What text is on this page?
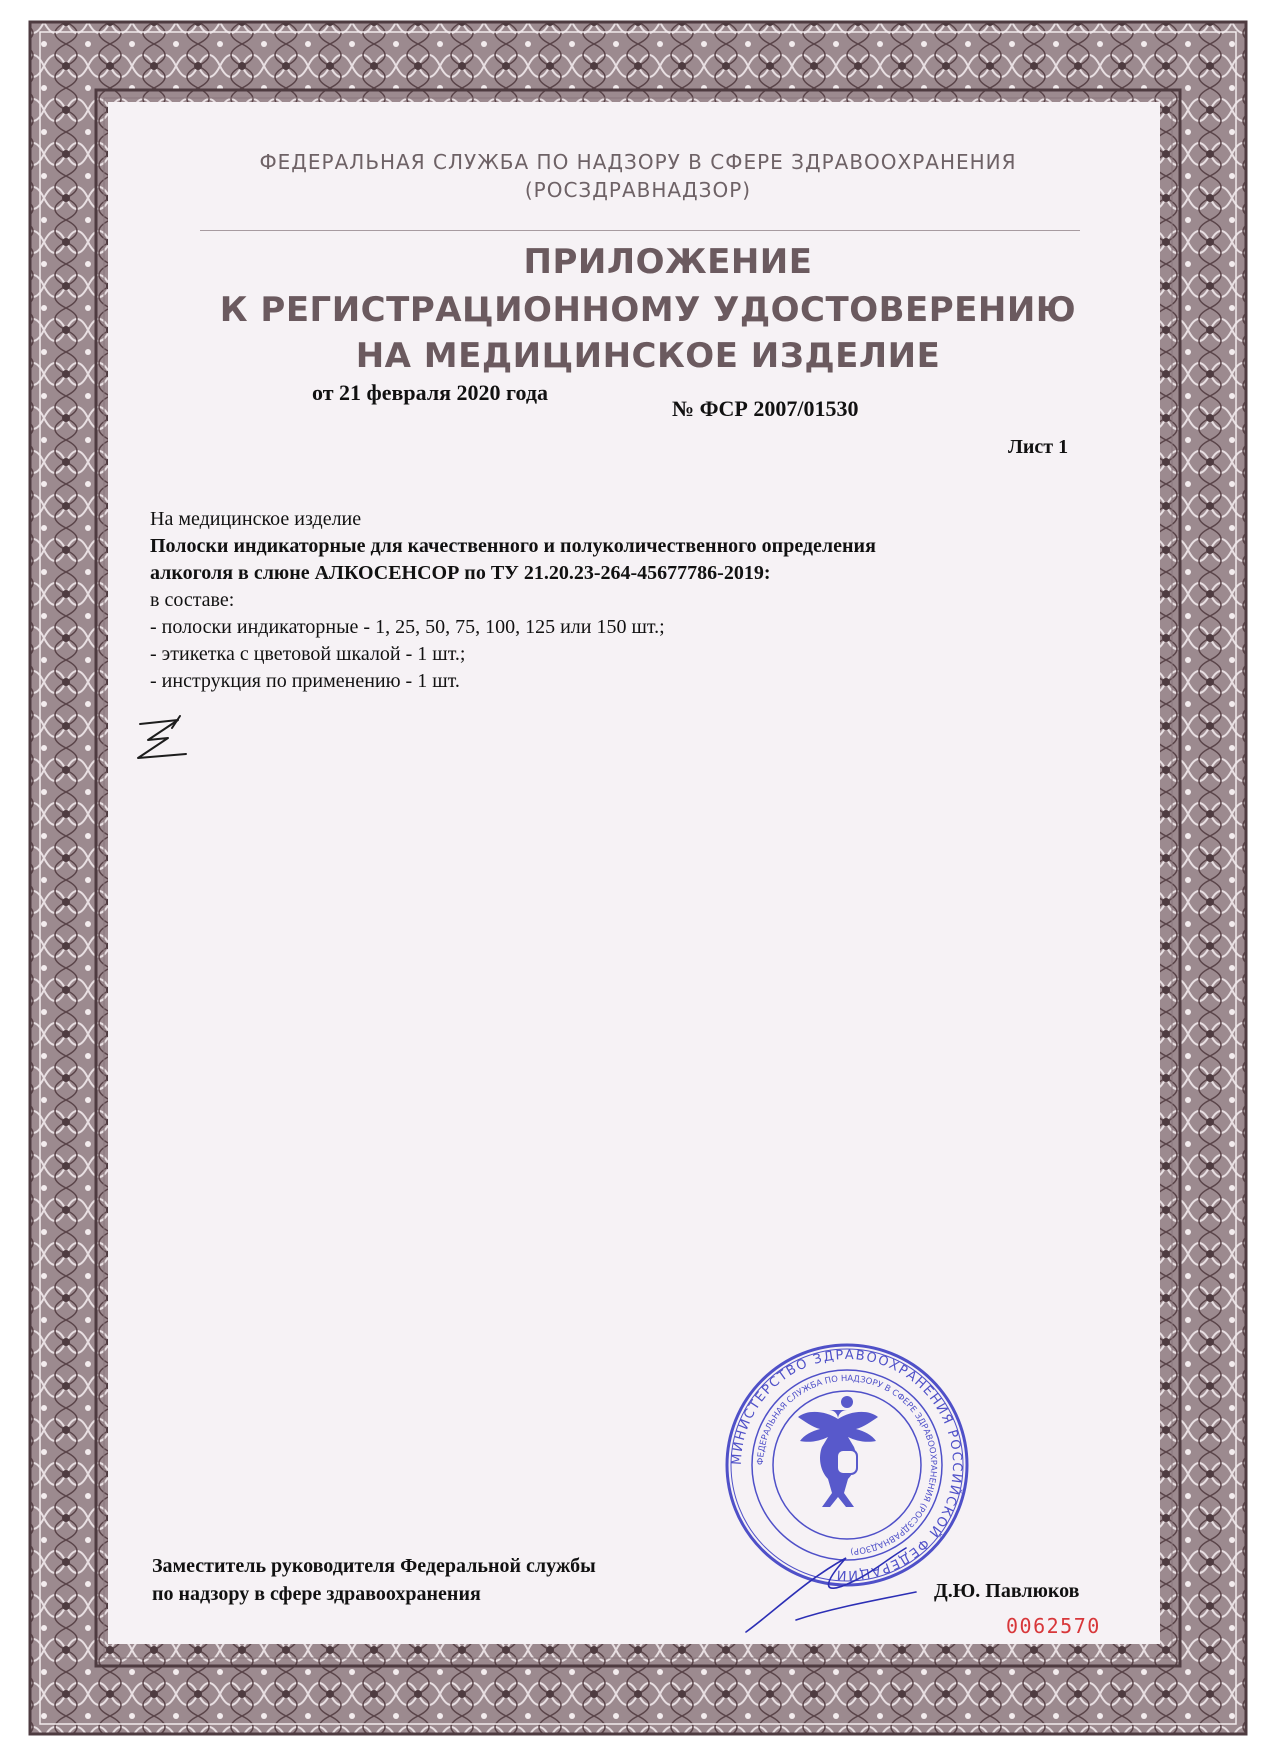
ФЕДЕРАЛЬНАЯ СЛУЖБА ПО НАДЗОРУ В СФЕРЕ ЗДРАВООХРАНЕНИЯ
(РОСЗДРАВНАДЗОР)
ПРИЛОЖЕНИЕ
К РЕГИСТРАЦИОННОМУ УДОСТОВЕРЕНИЮ
НА МЕДИЦИНСКОЕ ИЗДЕЛИЕ
от 21 февраля 2020 года
№ ФСР 2007/01530
Лист 1
На медицинское изделие
Полоски индикаторные для качественного и полуколичественного определения
алкоголя в слюне АЛКОСЕНСОР по ТУ 21.20.23-264-45677786-2019:
в составе:
- полоски индикаторные - 1, 25, 50, 75, 100, 125 или 150 шт.;
- этикетка с цветовой шкалой - 1 шт.;
- инструкция по применению - 1 шт.
МИНИСТЕРСТВО ЗДРАВООХРАНЕНИЯ РОССИЙСКОЙ ФЕДЕРАЦИИ
ФЕДЕРАЛЬНАЯ СЛУЖБА ПО НАДЗОРУ В СФЕРЕ ЗДРАВООХРАНЕНИЯ (РОСЗДРАВНАДЗОР)
Заместитель руководителя Федеральной службы
по надзору в сфере здравоохранения	Д.Ю. Павлюков
0062570
